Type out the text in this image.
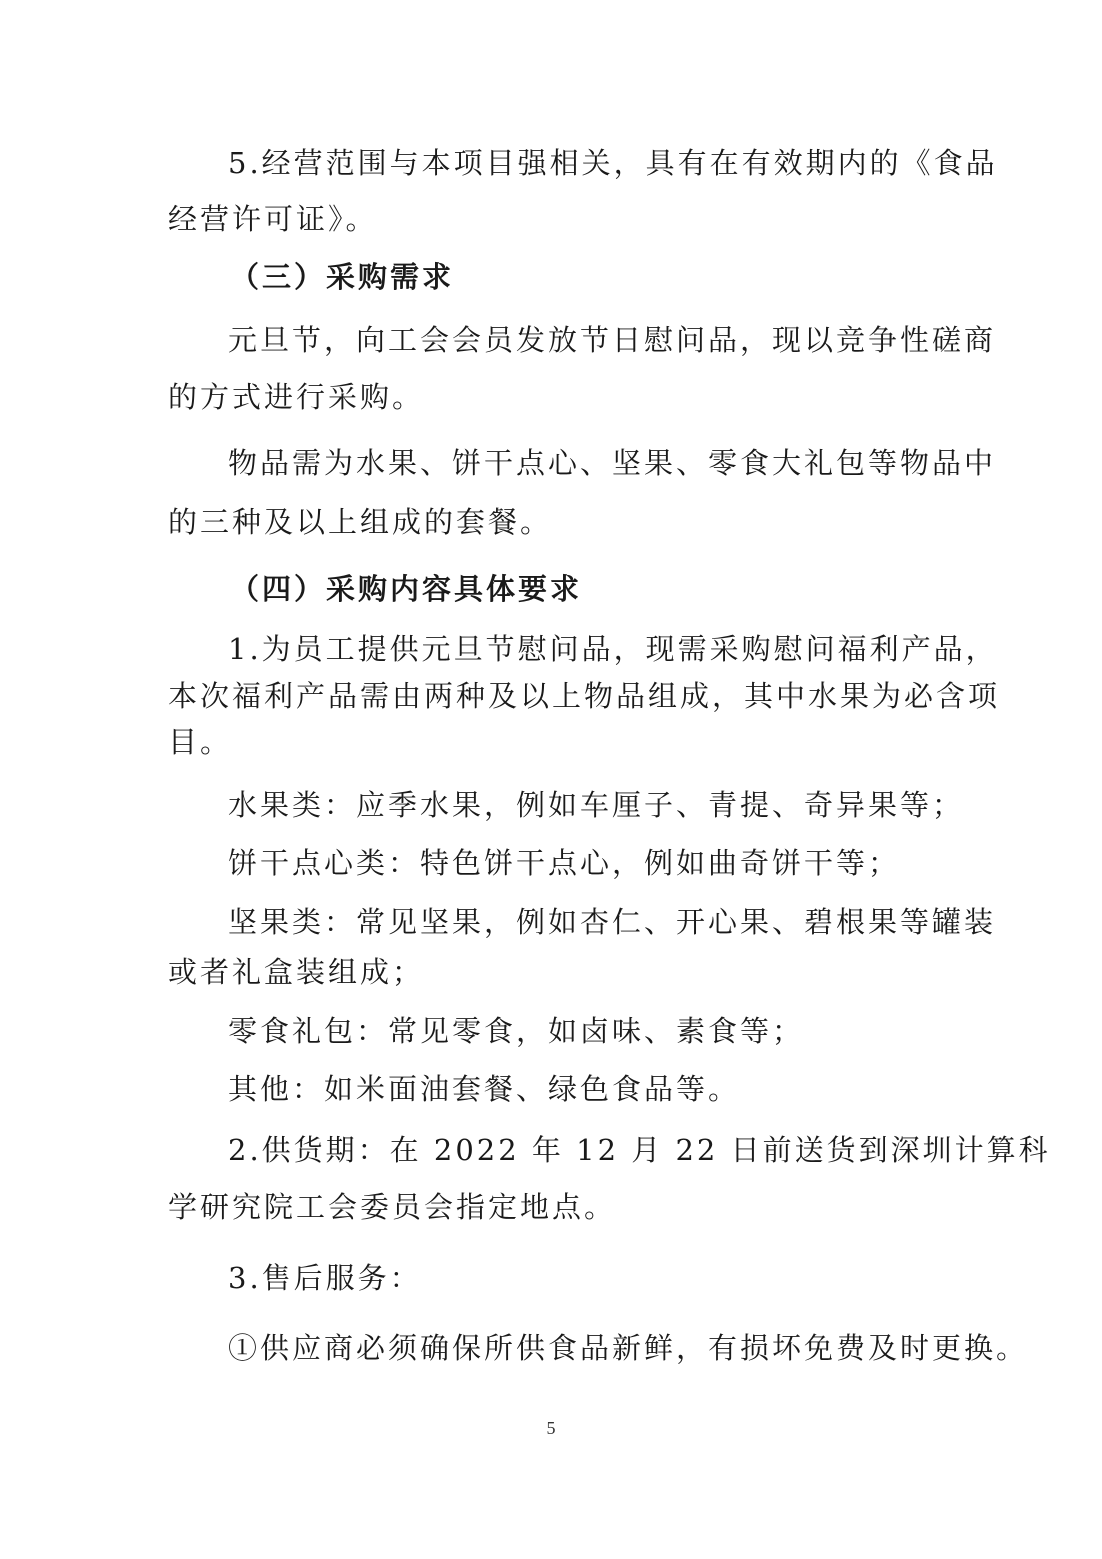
5.经营范围与本项目强相关，具有在有效期内的《食品
经营许可证》。
（三）采购需求
元旦节，向工会会员发放节日慰问品，现以竞争性磋商
的方式进行采购。
物品需为水果、饼干点心、坚果、零食大礼包等物品中
的三种及以上组成的套餐。
（四）采购内容具体要求
1.为员工提供元旦节慰问品，现需采购慰问福利产品，
本次福利产品需由两种及以上物品组成，其中水果为必含项
目。
水果类：应季水果，例如车厘子、青提、奇异果等；
饼干点心类：特色饼干点心，例如曲奇饼干等；
坚果类：常见坚果，例如杏仁、开心果、碧根果等罐装
或者礼盒装组成；
零食礼包：常见零食，如卤味、素食等；
其他：如米面油套餐、绿色食品等。
2.供货期：在 2022 年 12 月 22 日前送货到深圳计算科
学研究院工会委员会指定地点。
3.售后服务：
①供应商必须确保所供食品新鲜，有损坏免费及时更换。
5
